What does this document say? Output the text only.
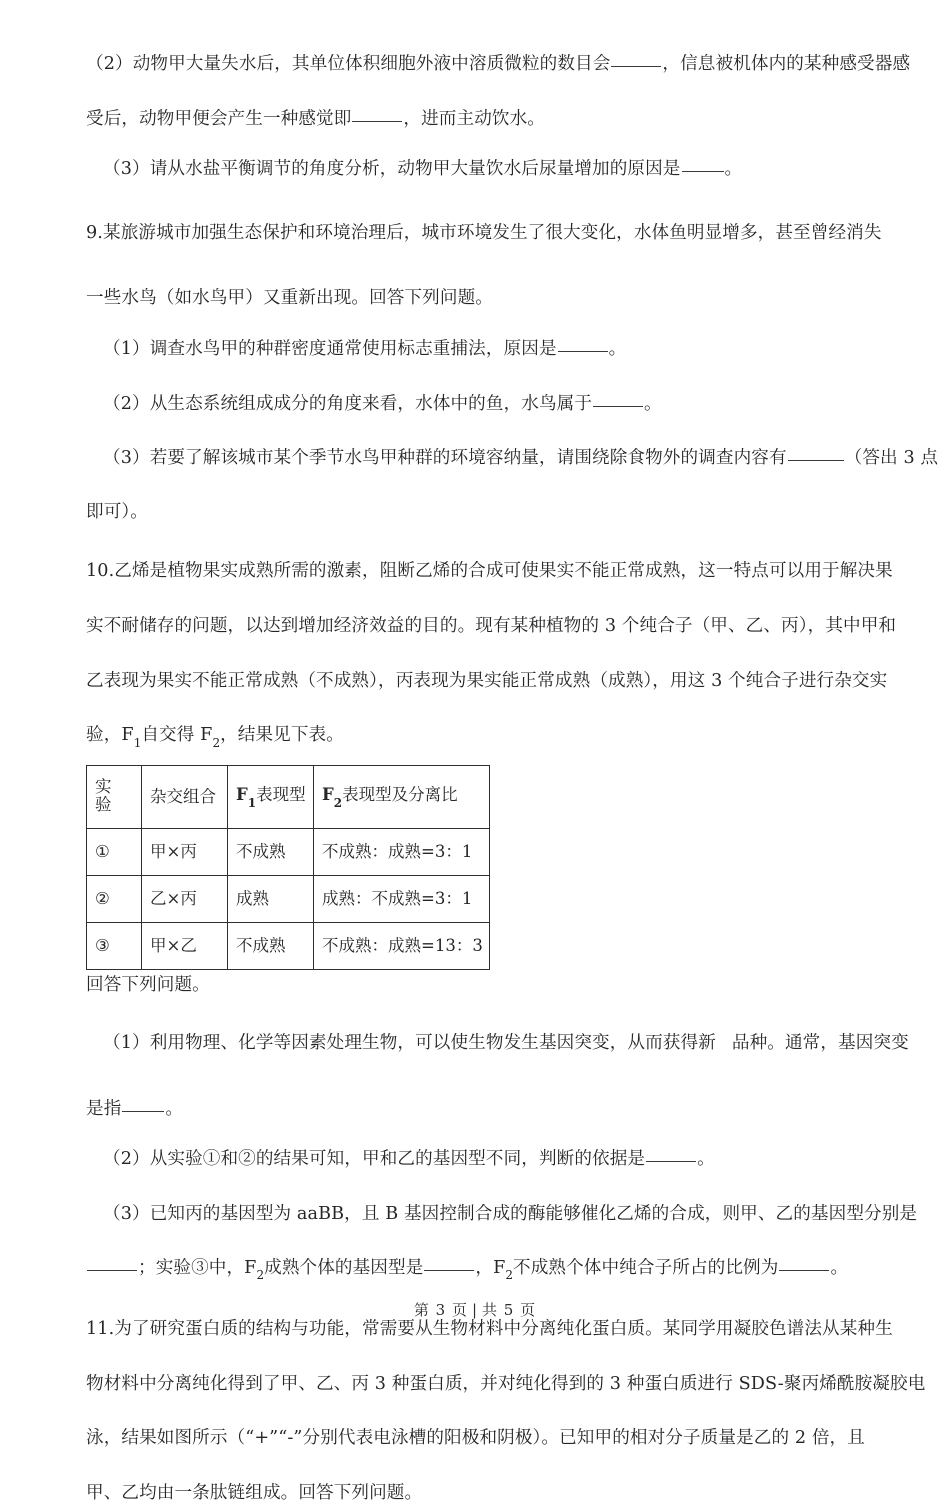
（2）动物甲大量失水后，其单位体积细胞外液中溶质微粒的数目会	，信息被机体内的某种感受器感
受后，动物甲便会产生一种感觉即	，进而主动饮水。
（3）请从水盐平衡调节的角度分析，动物甲大量饮水后尿量增加的原因是	。
9.某旅游城市加强生态保护和环境治理后，城市环境发生了很大变化，水体鱼明显增多，甚至曾经消失
一些水鸟（如水鸟甲）又重新出现。回答下列问题。
（1）调查水鸟甲的种群密度通常使用标志重捕法，原因是	。
（2）从生态系统组成成分的角度来看，水体中的鱼，水鸟属于	。
（3）若要了解该城市某个季节水鸟甲种群的环境容纳量，请围绕除食物外的调查内容有	（答出 3 点
即可）。
10.乙烯是植物果实成熟所需的激素，阻断乙烯的合成可使果实不能正常成熟，这一特点可以用于解决果
实不耐储存的问题，以达到增加经济效益的目的。现有某种植物的 3 个纯合子（甲、乙、丙），其中甲和
乙表现为果实不能正常成熟（不成熟），丙表现为果实能正常成熟（成熟），用这 3 个纯合子进行杂交实
验，$F_1$自交得 $F_2$，结果见下表。
实验	杂交组合	$F_1$表现型	$F_2$表现型及分离比
①	甲×丙	不成熟	不成熟：成熟=3：1
②	乙×丙	成熟	成熟：不成熟=3：1
③	甲×乙	不成熟	不成熟：成熟=13：3
回答下列问题。
（1）利用物理、化学等因素处理生物，可以使生物发生基因突变，从而获得新 品种。通常，基因突变
是指	。
（2）从实验①和②的结果可知，甲和乙的基因型不同，判断的依据是	。
（3）已知丙的基因型为 aaBB，且 B 基因控制合成的酶能够催化乙烯的合成，则甲、乙的基因型分别是
；实验③中，$F_2$成熟个体的基因型是	，$F_2$不成熟个体中纯合子所占的比例为	。
11.为了研究蛋白质的结构与功能，常需要从生物材料中分离纯化蛋白质。某同学用凝胶色谱法从某种生
物材料中分离纯化得到了甲、乙、丙 3 种蛋白质，并对纯化得到的 3 种蛋白质进行 SDS-聚丙烯酰胺凝胶电
泳，结果如图所示（“+”“-”分别代表电泳槽的阳极和阴极）。已知甲的相对分子质量是乙的 2 倍，且
甲、乙均由一条肽链组成。回答下列问题。
第 3 页 | 共 5 页
